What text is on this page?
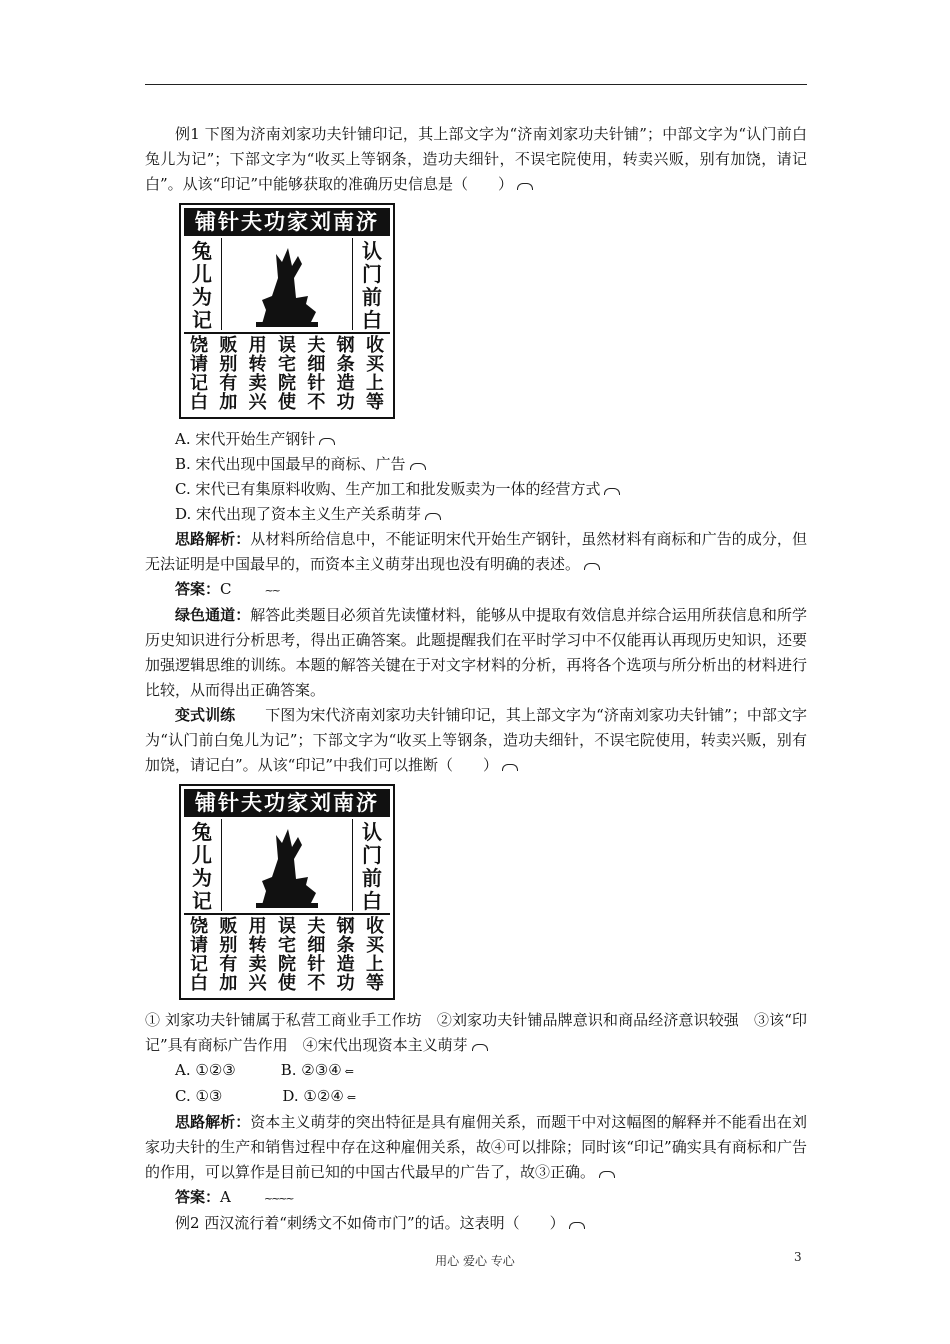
例1 下图为济南刘家功夫针铺印记，其上部文字为“济南刘家功夫针铺”；中部文字为“认门前白兔儿为记”；下部文字为“收买上等钢条，造功夫细针，不误宅院使用，转卖兴贩，别有加饶，请记白”。从该“印记”中能够获取的准确历史信息是（　　）

铺针夫功家刘南济
兔儿为记
认门前白
收买上等
钢条造功
夫细针不
误宅院使
用转卖兴
贩别有加
饶请记白

A. 宋代开始生产钢针

B. 宋代出现中国最早的商标、广告

C. 宋代已有集原料收购、生产加工和批发贩卖为一体的经营方式

D. 宋代出现了资本主义生产关系萌芽

思路解析：从材料所给信息中，不能证明宋代开始生产钢针，虽然材料有商标和广告的成分，但无法证明是中国最早的，而资本主义萌芽出现也没有明确的表述。

答案：C	~~

绿色通道：解答此类题目必须首先读懂材料，能够从中提取有效信息并综合运用所获信息和所学历史知识进行分析思考，得出正确答案。此题提醒我们在平时学习中不仅能再认再现历史知识，还要加强逻辑思维的训练。本题的解答关键在于对文字材料的分析，再将各个选项与所分析出的材料进行比较，从而得出正确答案。

变式训练　　 下图为宋代济南刘家功夫针铺印记，其上部文字为“济南刘家功夫针铺”；中部文字为“认门前白兔儿为记”；下部文字为“收买上等钢条，造功夫细针，不误宅院使用，转卖兴贩，别有加饶，请记白”。从该“印记”中我们可以推断（　　）

铺针夫功家刘南济
兔儿为记
认门前白
收买上等
钢条造功
夫细针不
误宅院使
用转卖兴
贩别有加
饶请记白

① 刘家功夫针铺属于私营工商业手工作坊　②刘家功夫针铺品牌意识和商品经济意识较强　③该“印记”具有商标广告作用　④宋代出现资本主义萌芽

A. ①②③　　　	B. ②③④ ⇐

C. ①③　　　　	D. ①②④ ⇐

思路解析：资本主义萌芽的突出特征是具有雇佣关系，而题干中对这幅图的解释并不能看出在刘家功夫针的生产和销售过程中存在这种雇佣关系，故④可以排除；同时该“印记”确实具有商标和广告的作用，可以算作是目前已知的中国古代最早的广告了，故③正确。

答案：A	~~~~

例2 西汉流行着“刺绣文不如倚市门”的话。这表明（　　）

用心 爱心 专心	3
